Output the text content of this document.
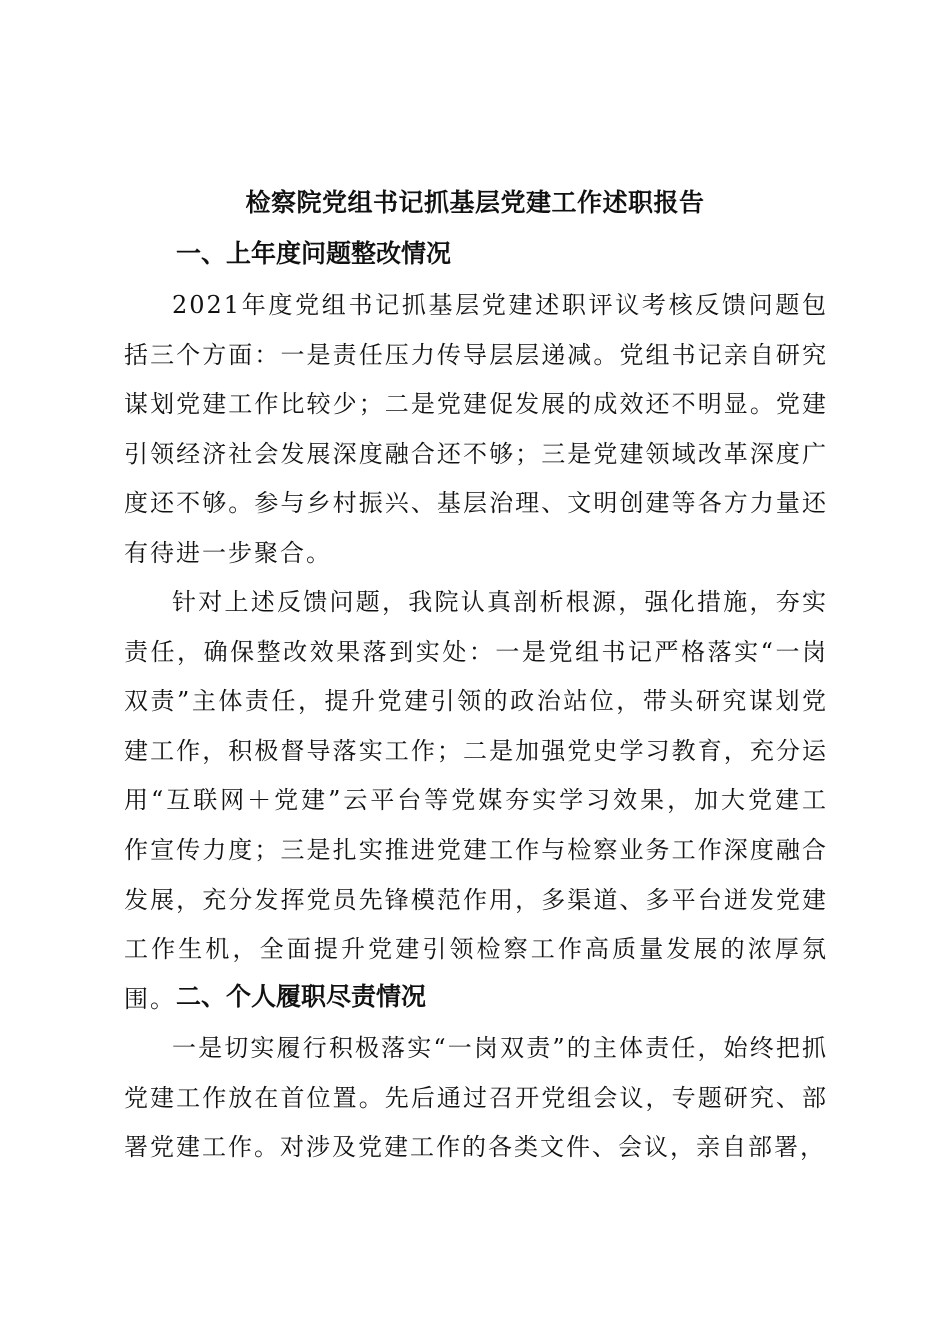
检察院党组书记抓基层党建工作述职报告
一、上年度问题整改情况
2021年度党组书记抓基层党建述职评议考核反馈问题包括三个方面：一是责任压力传导层层递减。党组书记亲自研究谋划党建工作比较少；二是党建促发展的成效还不明显。党建引领经济社会发展深度融合还不够；三是党建领域改革深度广度还不够。参与乡村振兴、基层治理、文明创建等各方力量还有待进一步聚合。
针对上述反馈问题，我院认真剖析根源，强化措施，夯实责任，确保整改效果落到实处：一是党组书记严格落实“一岗双责”主体责任，提升党建引领的政治站位，带头研究谋划党建工作，积极督导落实工作；二是加强党史学习教育，充分运用“互联网＋党建”云平台等党媒夯实学习效果，加大党建工作宣传力度；三是扎实推进党建工作与检察业务工作深度融合发展，充分发挥党员先锋模范作用，多渠道、多平台迸发党建工作生机，全面提升党建引领检察工作高质量发展的浓厚氛围。 二、个人履职尽责情况
一是切实履行积极落实“一岗双责”的主体责任，始终把抓党建工作放在首位置。先后通过召开党组会议，专题研究、部署党建工作。对涉及党建工作的各类文件、会议，亲自部署，
